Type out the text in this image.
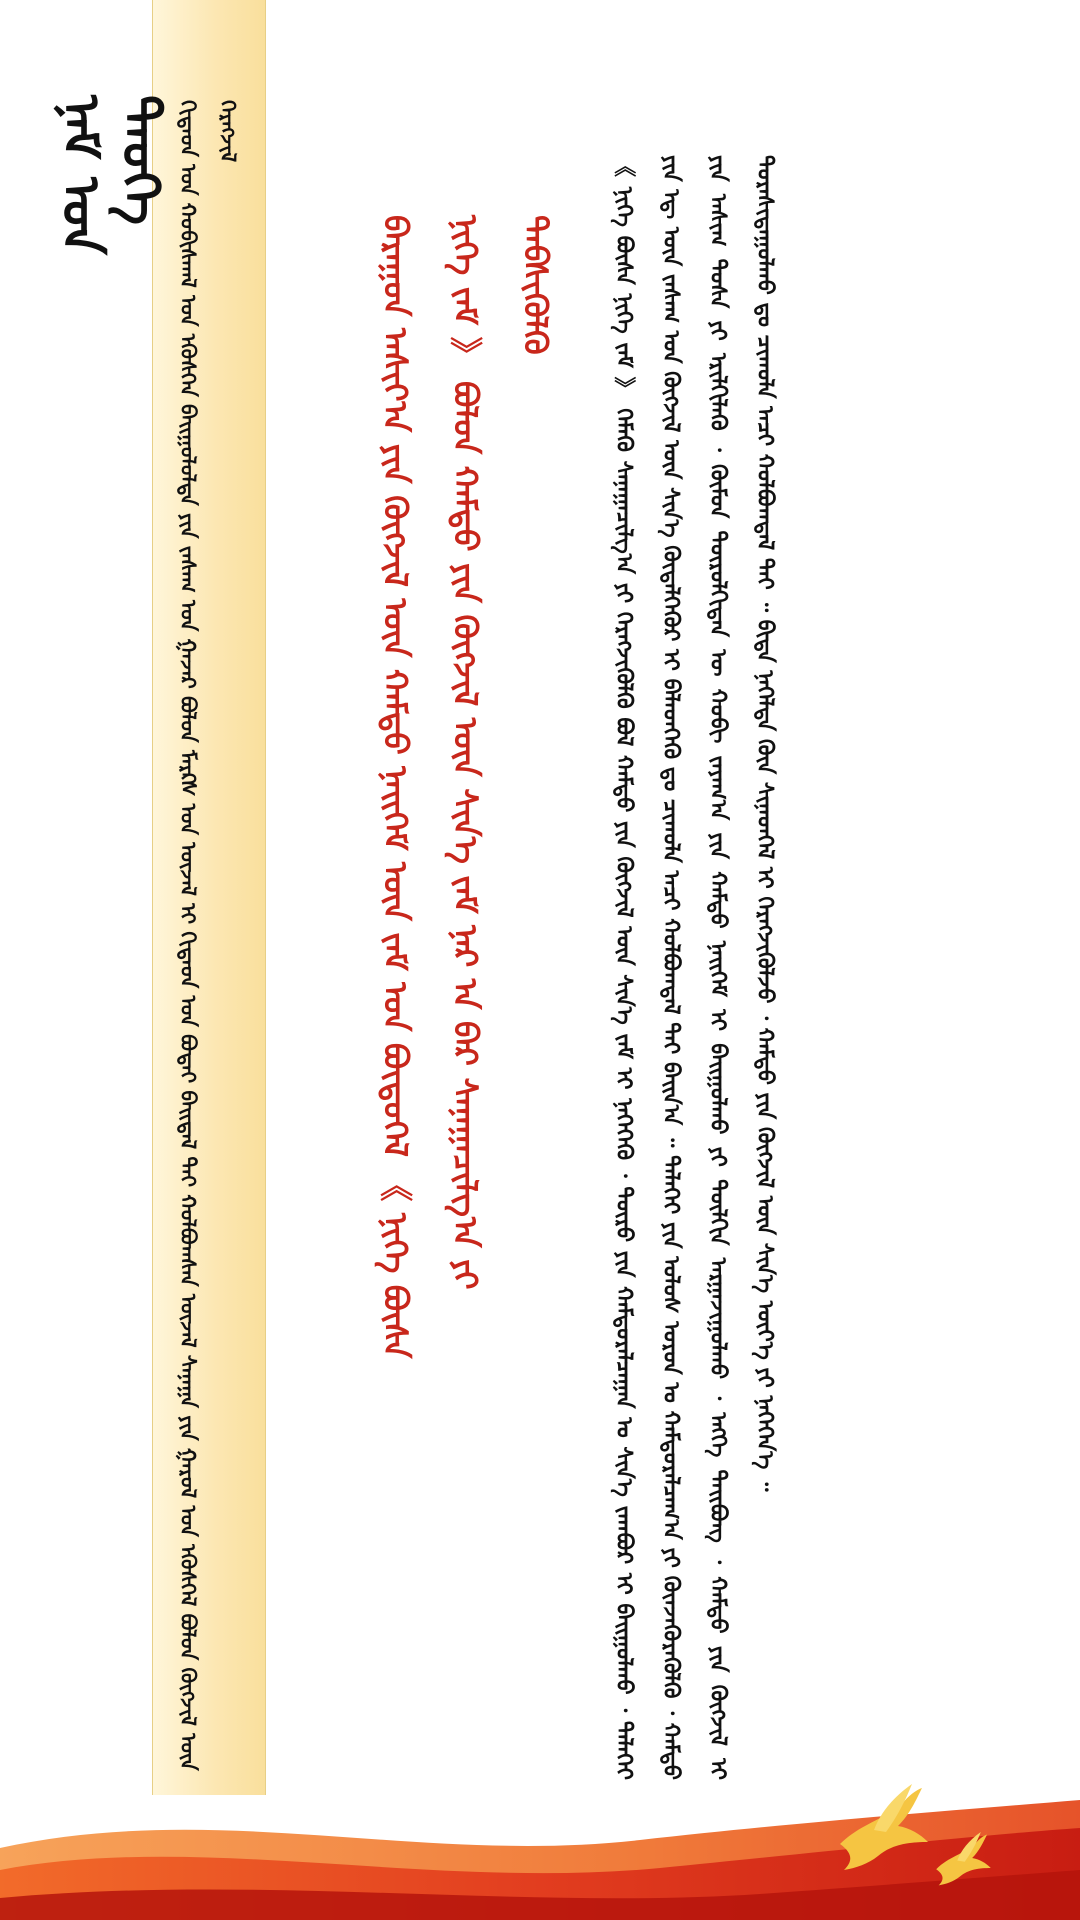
ᠨᠠᠮ ᠤᠨ ᠲᠡᠦᠬᠡ ᠬᠢᠳᠠᠳ ᠤᠨ ᠬᠤᠪᠢᠰᠬᠠᠯ ᠤᠨ ᠡᠭᠦᠰᠬᠡᠨ ᠪᠠᠢᠭᠤᠯᠤᠯᠲᠠ ᠶᠢᠨ ᠵᠠᠰᠠᠭ ᠤᠨ ᠭᠠᠵᠠᠷ ᠪᠤᠯᠤᠨ ᠮᠠᠷᠺᠰ ᠤᠨ ᠦᠵᠡᠯ ᠢ ᠬᠢᠳᠠᠳ ᠤᠨ ᠪᠣᠳᠠᠢ ᠪᠠᠢᠳᠠᠯ ᠲᠠᠢ ᠬᠣᠯᠪᠣᠭᠰᠠᠨ ᠦᠵᠡᠯ ᠰᠠᠨᠠᠭᠠ ᠶᠢᠨ ᠭᠠᠷᠤᠯ ᠤᠨ ᠡᠭᠦᠰᠬᠡᠯ ᠪᠣᠯᠣᠨ ᠬᠥᠭᠵᠢᠯ ᠦᠨ ᠬᠡᠷᠡᠭᠵᠢᠯ
ᠪᠠᠷᠠᠭᠤᠨ ᠠᠰᠢᠶ᠎ᠠ ᠶᠢᠨ ᠬᠥᠭᠵᠢᠯ ᠦᠨ ᠬᠠᠮᠲᠤ ᠨᠡᠢᠭᠡᠮ ᠦᠨ ᠵᠠᠮ ᠤᠨ ᠪᠦᠲᠦᠭᠡᠯ 《 ᠨᠢᠭᠡ ᠪᠦᠰᠡ ᠨᠢᠭᠡ ᠵᠠᠮ 》 ᠪᠣᠯᠣᠨ ᠬᠠᠮᠲᠤ ᠶᠢᠨ ᠬᠥᠭᠵᠢᠯ ᠦᠨ ᠰᠢᠨ᠎ᠡ ᠵᠠᠮ ᠨᠠᠷ ᠠ ᠪᠠᠷ ᠰᠠᠨᠠᠭᠠᠴᠢᠯᠭ᠎ᠠ ᠶᠢ ᠳᠡᠪᠰᠢᠭᠦᠯᠬᠦ	《 ᠨᠢᠭᠡ ᠪᠦᠰᠡ ᠨᠢᠭᠡ ᠵᠠᠮ 》 ᠬᠡᠮᠡᠬᠦ ᠰᠠᠨᠠᠭᠠᠴᠢᠯᠭ᠎ᠠ ᠶᠢ ᠬᠡᠷᠡᠭᠵᠢᠭᠦᠯᠬᠦ ᠪᠣᠯ ᠬᠠᠮᠲᠤ ᠶᠢᠨ ᠬᠥᠭᠵᠢᠯ ᠦᠨ ᠰᠢᠨ᠎ᠡ ᠵᠠᠮ ᠢ ᠨᠡᠭᠡᠭᠡᠬᠦ ᠂ ᠲᠥᠷᠥ ᠶᠢᠨ ᠬᠠᠮᠲᠤᠷᠠᠯᠴᠠᠭᠠᠨ ᠤ ᠰᠢᠨ᠎ᠡ ᠵᠠᠭᠪᠤᠷ ᠢ ᠪᠠᠢᠭᠤᠯᠬᠤ ᠂ ᠳᠡᠯᠡᠬᠡᠢ ᠶᠢᠨ ᠡᠳ᠋ ᠦᠨ ᠵᠠᠰᠠᠭ ᠤᠨ ᠬᠥᠭᠵᠢᠯ ᠦᠨ ᠰᠢᠨ᠎ᠡ ᠬᠥᠳᠡᠯᠭᠡᠭᠦᠷ ᠢ ᠪᠡᠯᠡᠳᠬᠡᠬᠦ ᠳᠤ ᠴᠢᠬᠤᠯᠠ ᠠᠴᠢ ᠬᠣᠯᠪᠣᠭᠳᠠᠯ ᠲᠠᠢ ᠪᠠᠢᠨ᠎ᠠ ᠃ ᠳᠡᠯᠡᠬᠡᠢ ᠶᠢᠨ ᠤᠯᠤᠰ ᠣᠷᠣᠨ ᠤ ᠬᠠᠮᠲᠤᠷᠠᠯᠴᠠᠭ᠎ᠠ ᠶᠢ ᠭᠦᠨᠵᠡᠭᠦᠷᠡᠭᠦᠯᠬᠦ ᠂ ᠬᠠᠮᠲᠤ ᠶᠢᠨ ᠠᠰᠢᠭ ᠲᠤᠰᠠ ᠶᠢ ᠡᠷᠢᠯᠬᠢᠯᠡᠬᠦ ᠂ ᠬᠥᠮᠥᠨ ᠲᠥᠷᠥᠯᠬᠢᠲᠡᠨ ᠦ ᠬᠤᠪᠢ ᠵᠠᠶᠠᠭ᠎ᠠ ᠶᠢᠨ ᠬᠠᠮᠲᠤ ᠨᠡᠢᠭᠡᠮ ᠢ ᠪᠠᠢᠭᠤᠯᠬᠤ ᠶᠢ ᠲᠦᠯᠬᠢᠨ ᠠᠷᠭᠠᠵᠢᠭᠤᠯᠬᠤ ᠂ ᠡᠩᠬᠡ ᠲᠠᠢᠪᠤᠩ ᠂ ᠬᠠᠮᠲᠤ ᠶᠢᠨ ᠬᠥᠭᠵᠢᠯ ᠢ ᠲᠤᠷᠠᠰᠢᠳᠠᠭᠤᠯᠬᠤ ᠳᠤ ᠴᠢᠬᠤᠯᠠ ᠠᠴᠢ ᠬᠣᠯᠪᠣᠭᠳᠠᠯ ᠲᠠᠢ ᠃ ᠪᠢᠳᠡ ᠨᠡᠭᠡᠯᠲᠡ ᠭᠦᠨ ᠰᠢᠨᠡᠳᠭᠡᠯ ᠢ ᠬᠡᠷᠡᠭᠵᠢᠭᠦᠯᠵᠦ ᠂ ᠬᠠᠮᠲᠤ ᠶᠢᠨ ᠬᠥᠭᠵᠢᠯ ᠦᠨ ᠰᠢᠨ᠎ᠡ ᠦᠶ᠎ᠡ ᠶᠢ ᠨᠡᠭᠡᠭᠡᠨ᠎ᠡ ᠃
